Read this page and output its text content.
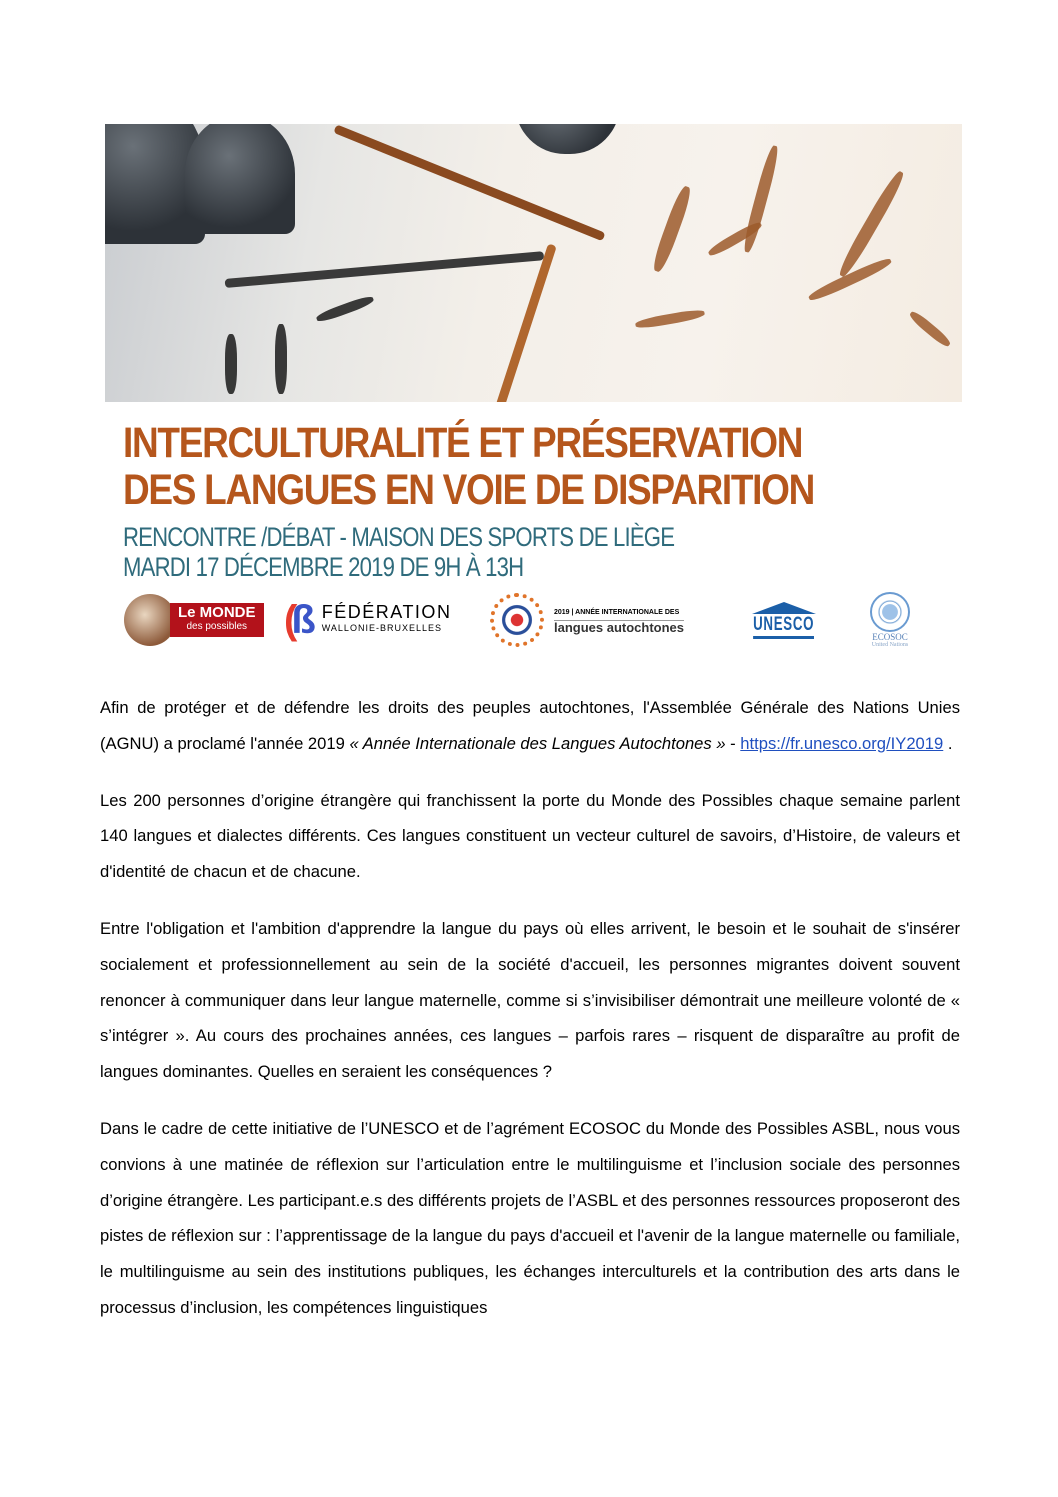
INTERCULTURALITÉ ET PRÉSERVATION
DES LANGUES EN VOIE DE DISPARITION
RENCONTRE /DÉBAT - MAISON DES SPORTS DE LIÈGE
MARDI 17 DÉCEMBRE 2019 DE 9H À 13H
Le MONDE
des possibles (ß FÉDÉRATION
WALLONIE-BRUXELLES
2019 | ANNÉE INTERNATIONALE DES
langues autochtones	UNESCO
ECOSOC
United Nations

Afin de protéger et de défendre les droits des peuples autochtones, l'Assemblée Générale des Nations Unies (AGNU) a proclamé l'année 2019 « Année Internationale des Langues Autochtones » - https://fr.unesco.org/IY2019 .

Les 200 personnes d’origine étrangère qui franchissent la porte du Monde des Possibles chaque semaine parlent 140 langues et dialectes différents. Ces langues constituent un vecteur culturel de savoirs, d’Histoire, de valeurs et d'identité de chacun et de chacune.

Entre l'obligation et l'ambition d'apprendre la langue du pays où elles arrivent, le besoin et le souhait de s'insérer socialement et professionnellement au sein de la société d'accueil, les personnes migrantes doivent souvent renoncer à communiquer dans leur langue maternelle, comme si s’invisibiliser démontrait une meilleure volonté de « s’intégrer ». Au cours des prochaines années, ces langues – parfois rares – risquent de disparaître au profit de langues dominantes. Quelles en seraient les conséquences ?

Dans le cadre de cette initiative de l’UNESCO et de l’agrément ECOSOC du Monde des Possibles ASBL, nous vous convions à une matinée de réflexion sur l’articulation entre le multilinguisme et l’inclusion sociale des personnes d’origine étrangère. Les participant.e.s des différents projets de l’ASBL et des personnes ressources proposeront des pistes de réflexion sur : l’apprentissage de la langue du pays d'accueil et l'avenir de la langue maternelle ou familiale, le multilinguisme au sein des institutions publiques, les échanges interculturels et la contribution des arts dans le processus d’inclusion, les compétences linguistiques
